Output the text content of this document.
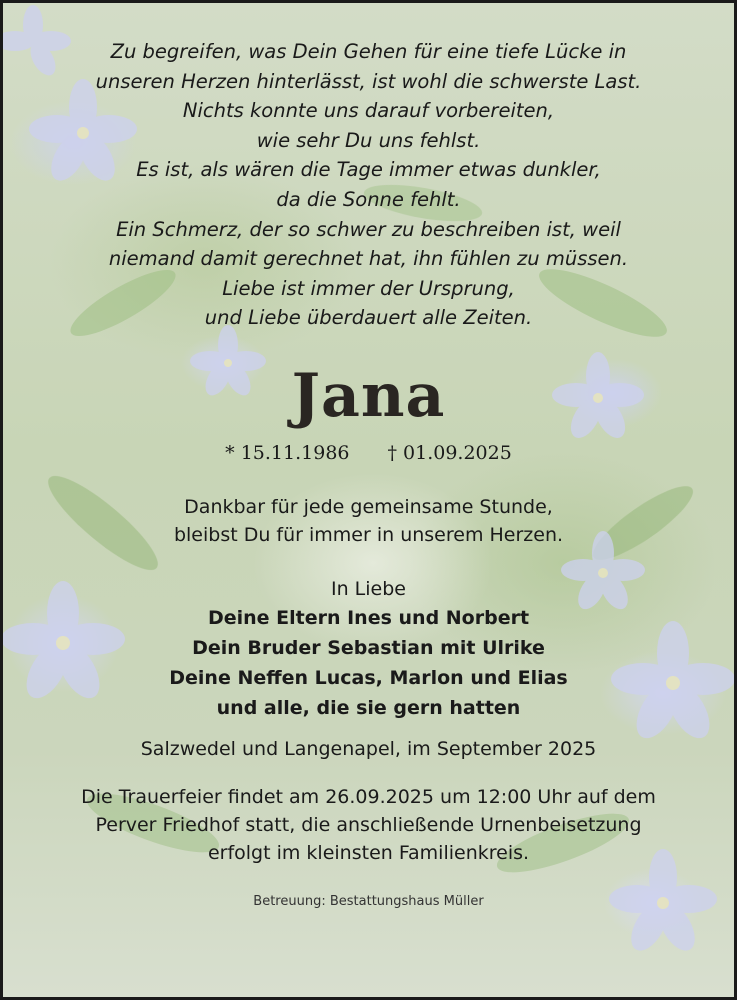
Zu begreifen, was Dein Gehen für eine tiefe Lücke in
unseren Herzen hinterlässt, ist wohl die schwerste Last.
Nichts konnte uns darauf vorbereiten,
wie sehr Du uns fehlst.
Es ist, als wären die Tage immer etwas dunkler,
da die Sonne fehlt.
Ein Schmerz, der so schwer zu beschreiben ist, weil
niemand damit gerechnet hat, ihn fühlen zu müssen.
Liebe ist immer der Ursprung,
und Liebe überdauert alle Zeiten.
Jana
* 15.11.1986 † 01.09.2025
Dankbar für jede gemeinsame Stunde,
bleibst Du für immer in unserem Herzen.
In Liebe
Deine Eltern Ines und Norbert
Dein Bruder Sebastian mit Ulrike
Deine Neffen Lucas, Marlon und Elias
und alle, die sie gern hatten
Salzwedel und Langenapel, im September 2025
Die Trauerfeier findet am 26.09.2025 um 12:00 Uhr auf dem
Perver Friedhof statt, die anschließende Urnenbeisetzung
erfolgt im kleinsten Familienkreis.
Betreuung: Bestattungshaus Müller
